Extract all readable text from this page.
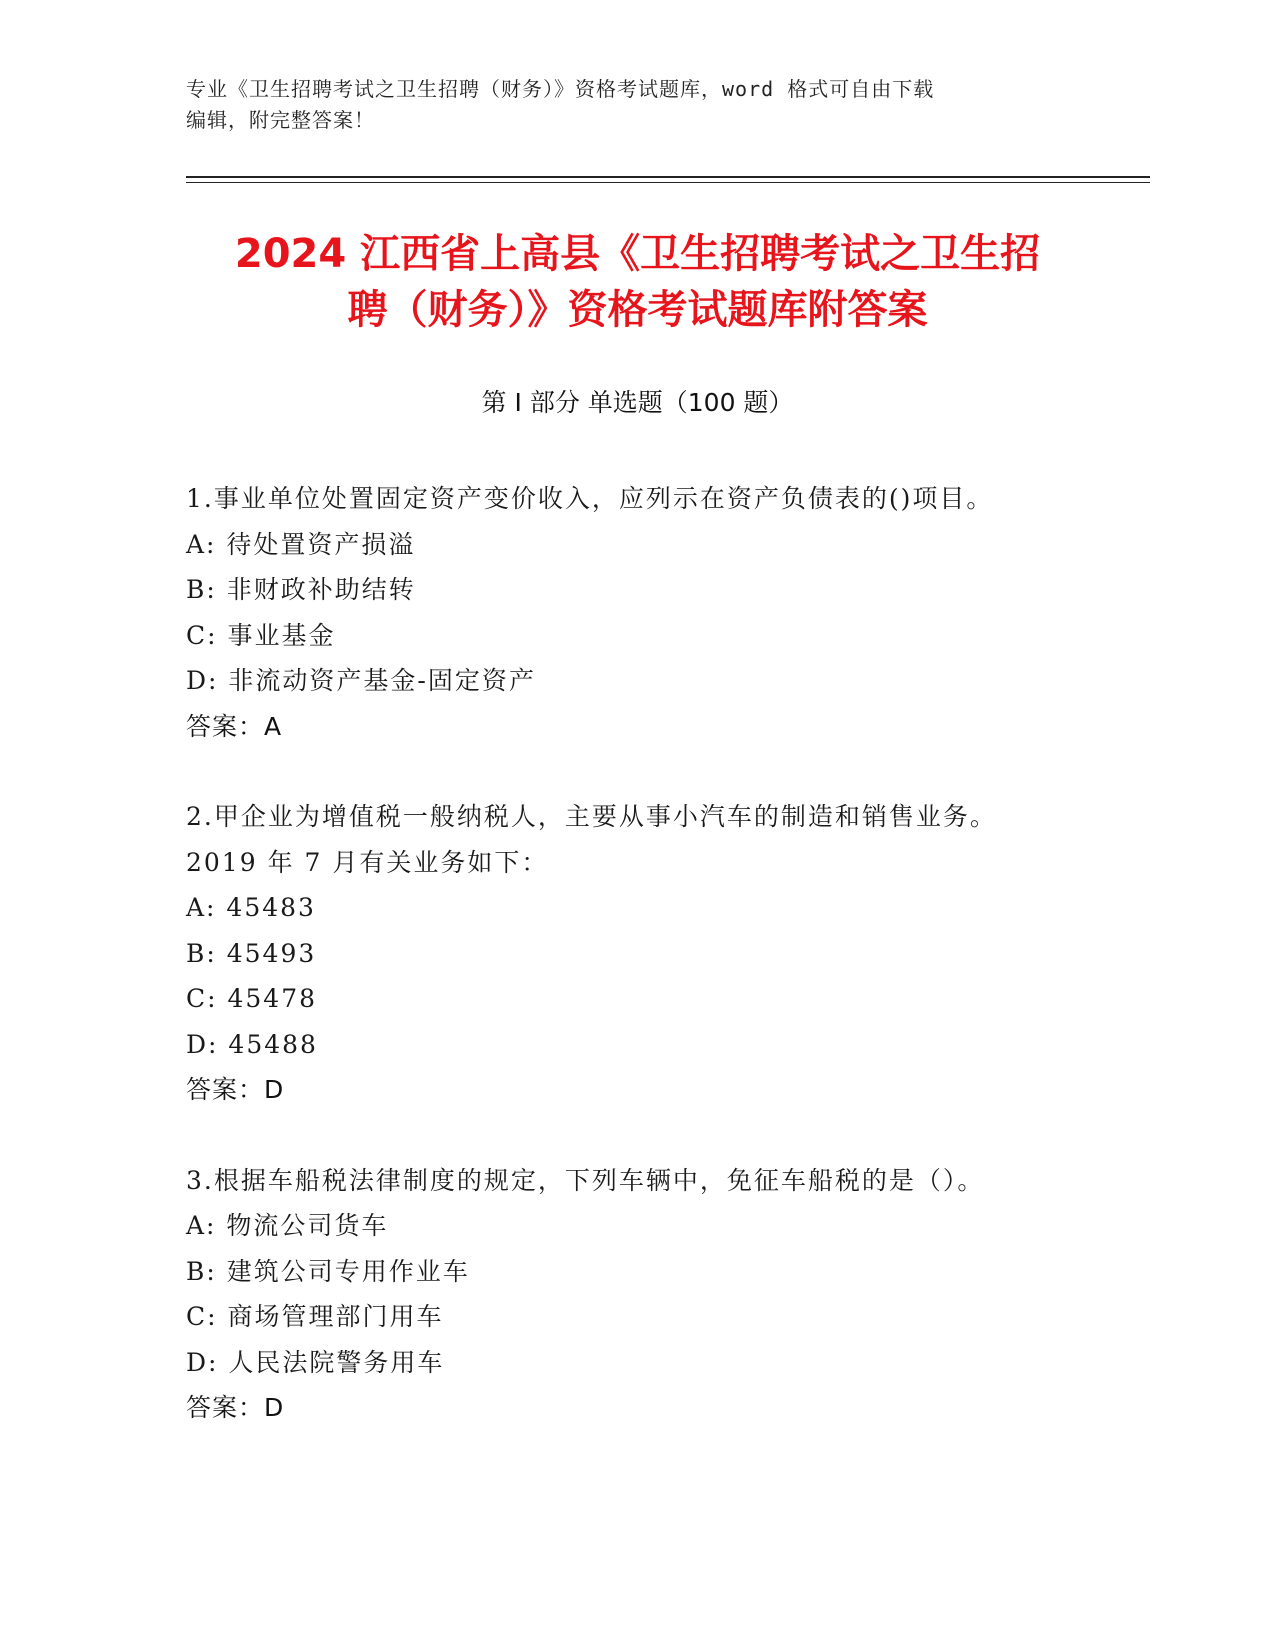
专业《卫生招聘考试之卫生招聘（财务）》资格考试题库，word 格式可自由下载
编辑，附完整答案！
2024 江西省上高县《卫生招聘考试之卫生招
聘（财务）》资格考试题库附答案
第 I 部分 单选题（100 题）
1.事业单位处置固定资产变价收入，应列示在资产负债表的()项目。
A: 待处置资产损溢
B: 非财政补助结转
C: 事业基金
D: 非流动资产基金-固定资产
答案：A
2.甲企业为增值税一般纳税人，主要从事小汽车的制造和销售业务。
2019 年 7 月有关业务如下：
A: 45483
B: 45493
C: 45478
D: 45488
答案：D
3.根据车船税法律制度的规定，下列车辆中，免征车船税的是（）。
A: 物流公司货车
B: 建筑公司专用作业车
C: 商场管理部门用车
D: 人民法院警务用车
答案：D
